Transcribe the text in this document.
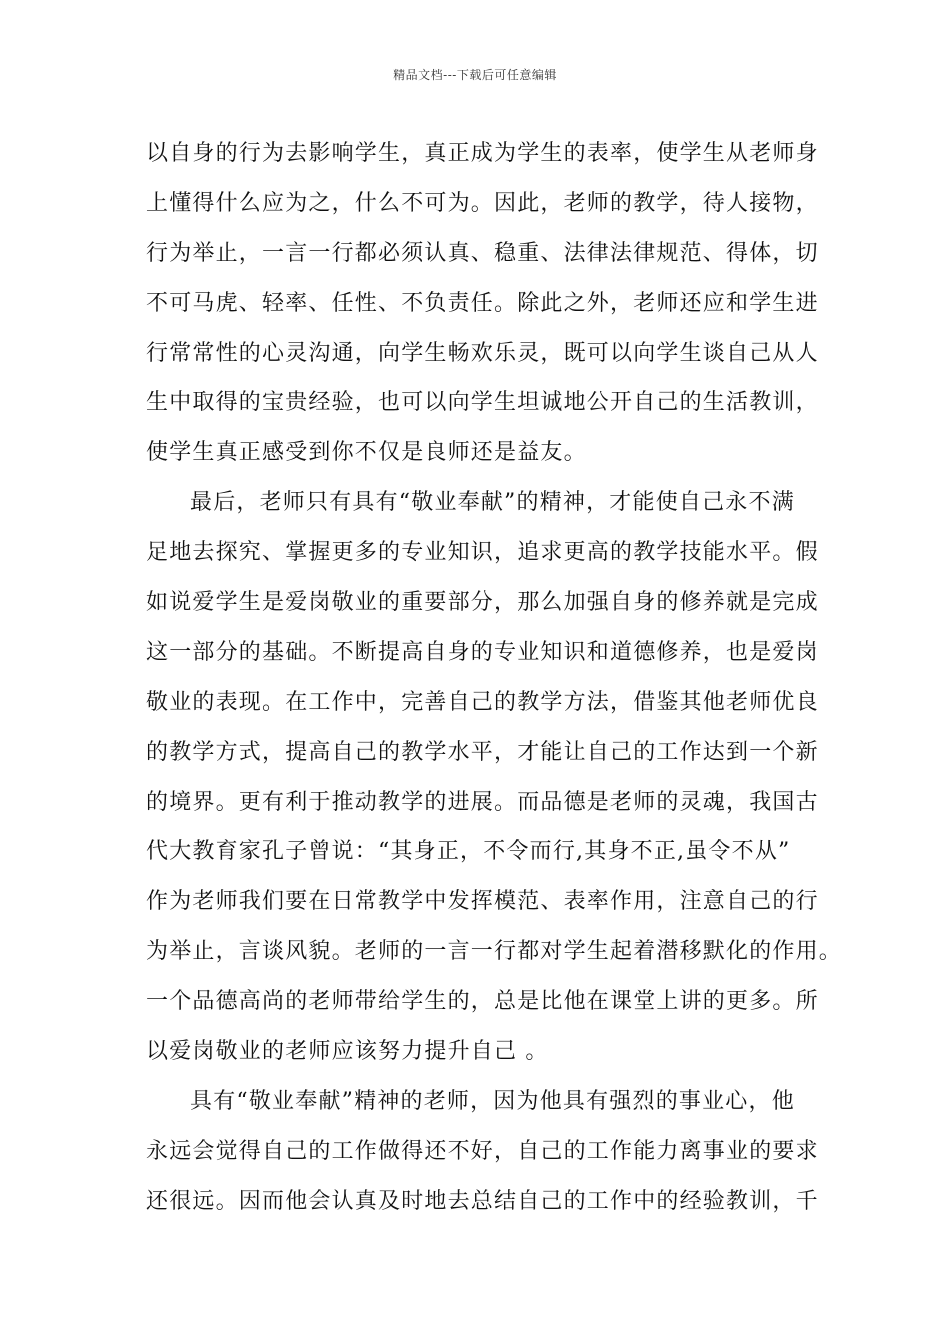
精品文档---下载后可任意编辑
以自身的行为去影响学生，真正成为学生的表率，使学生从老师身
上懂得什么应为之，什么不可为。因此，老师的教学，待人接物，
行为举止，一言一行都必须认真、稳重、法律法律规范、得体，切
不可马虎、轻率、任性、不负责任。除此之外，老师还应和学生进
行常常性的心灵沟通，向学生畅欢乐灵，既可以向学生谈自己从人
生中取得的宝贵经验，也可以向学生坦诚地公开自己的生活教训，
使学生真正感受到你不仅是良师还是益友。
最后，老师只有具有“敬业奉献”的精神，才能使自己永不满
足地去探究、掌握更多的专业知识，追求更高的教学技能水平。假
如说爱学生是爱岗敬业的重要部分，那么加强自身的修养就是完成
这一部分的基础。不断提高自身的专业知识和道德修养，也是爱岗
敬业的表现。在工作中，完善自己的教学方法，借鉴其他老师优良
的教学方式，提高自己的教学水平，才能让自己的工作达到一个新
的境界。更有利于推动教学的进展。而品德是老师的灵魂，我国古
代大教育家孔子曾说：“其身正，不令而行,其身不正,虽令不从”
作为老师我们要在日常教学中发挥模范、表率作用，注意自己的行
为举止，言谈风貌。老师的一言一行都对学生起着潜移默化的作用。
一个品德高尚的老师带给学生的，总是比他在课堂上讲的更多。所
以爱岗敬业的老师应该努力提升自己 。
具有“敬业奉献”精神的老师，因为他具有强烈的事业心，他
永远会觉得自己的工作做得还不好，自己的工作能力离事业的要求
还很远。因而他会认真及时地去总结自己的工作中的经验教训，千
